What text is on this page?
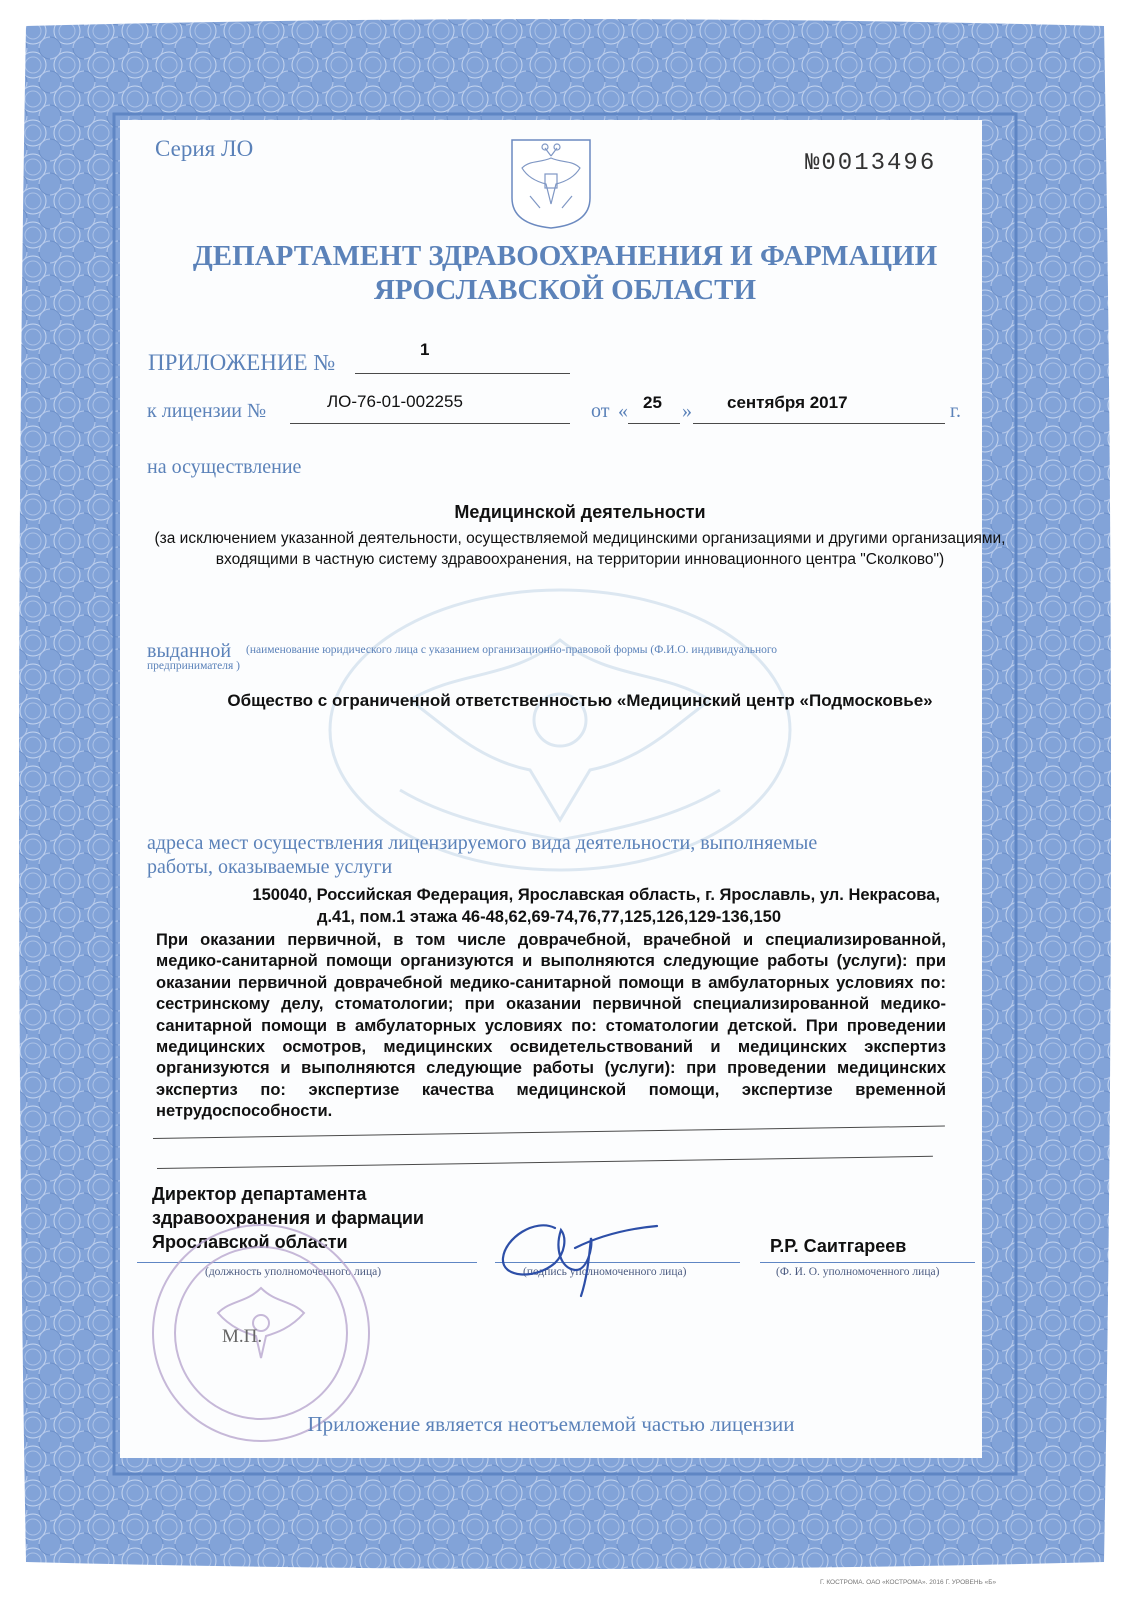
Серия ЛО
№0013496
ДЕПАРТАМЕНТ ЗДРАВООХРАНЕНИЯ И ФАРМАЦИИ
ЯРОСЛАВСКОЙ ОБЛАСТИ
ПРИЛОЖЕНИЕ №
1
к лицензии №	ЛО-76-01-002255	от « 25 » сентября 2017	г.
на осуществление
Медицинской деятельности
(за исключением указанной деятельности, осуществляемой медицинскими организациями и другими организациями, входящими в частную систему здравоохранения, на территории инновационного центра "Сколково")
выданной (наименование юридического лица с указанием организационно-правовой формы (Ф.И.О. индивидуального
предпринимателя )
Общество с ограниченной ответственностью «Медицинский центр «Подмосковье»
адреса мест осуществления лицензируемого вида деятельности, выполняемые
работы, оказываемые услуги
150040, Российская Федерация, Ярославская область, г. Ярославль, ул. Некрасова,
д.41, пом.1 этажа 46-48,62,69-74,76,77,125,126,129-136,150
При оказании первичной, в том числе доврачебной, врачебной и специализированной, медико-санитарной помощи организуются и выполняются следующие работы (услуги): при оказании первичной доврачебной медико-санитарной помощи в амбулаторных условиях по: сестринскому делу, стоматологии; при оказании первичной специализированной медико-санитарной помощи в амбулаторных условиях по: стоматологии детской. При проведении медицинских осмотров, медицинских освидетельствований и медицинских экспертиз организуются и выполняются следующие работы (услуги): при проведении медицинских экспертиз по: экспертизе качества медицинской помощи, экспертизе временной нетрудоспособности.
Директор департамента
здравоохранения и фармации
Ярославской области	Р.Р. Саитгареев
(должность уполномоченного лица)	(подпись уполномоченного лица)	(Ф. И. О. уполномоченного лица)
М.П.
Приложение является неотъемлемой частью лицензии
Г. КОСТРОМА. ОАО «КОСТРОМА». 2016 Г. УРОВЕНЬ «Б»
